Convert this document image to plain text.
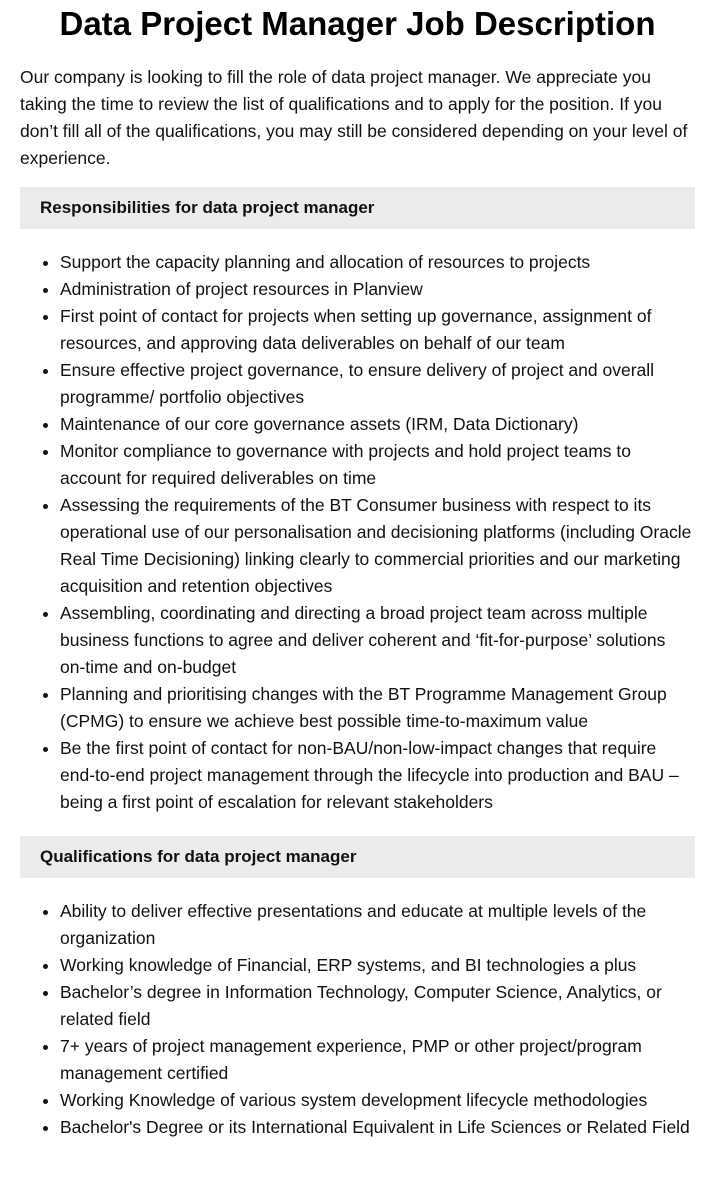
Data Project Manager Job Description

Our company is looking to fill the role of data project manager. We appreciate you taking the time to review the list of qualifications and to apply for the position. If you don’t fill all of the qualifications, you may still be considered depending on your level of experience.

Responsibilities for data project manager
• Support the capacity planning and allocation of resources to projects
• Administration of project resources in Planview
• First point of contact for projects when setting up governance, assignment of resources, and approving data deliverables on behalf of our team
• Ensure effective project governance, to ensure delivery of project and overall programme/ portfolio objectives
• Maintenance of our core governance assets (IRM, Data Dictionary)
• Monitor compliance to governance with projects and hold project teams to account for required deliverables on time
• Assessing the requirements of the BT Consumer business with respect to its operational use of our personalisation and decisioning platforms (including Oracle Real Time Decisioning) linking clearly to commercial priorities and our marketing acquisition and retention objectives
• Assembling, coordinating and directing a broad project team across multiple business functions to agree and deliver coherent and ‘fit-for-purpose’ solutions on-time and on-budget
• Planning and prioritising changes with the BT Programme Management Group (CPMG) to ensure we achieve best possible time-to-maximum value
• Be the first point of contact for non-BAU/non-low-impact changes that require end-to-end project management through the lifecycle into production and BAU – being a first point of escalation for relevant stakeholders
Qualifications for data project manager
• Ability to deliver effective presentations and educate at multiple levels of the organization
• Working knowledge of Financial, ERP systems, and BI technologies a plus
• Bachelor’s degree in Information Technology, Computer Science, Analytics, or related field
• 7+ years of project management experience, PMP or other project/program management certified
• Working Knowledge of various system development lifecycle methodologies
• Bachelor's Degree or its International Equivalent in Life Sciences or Related Field
